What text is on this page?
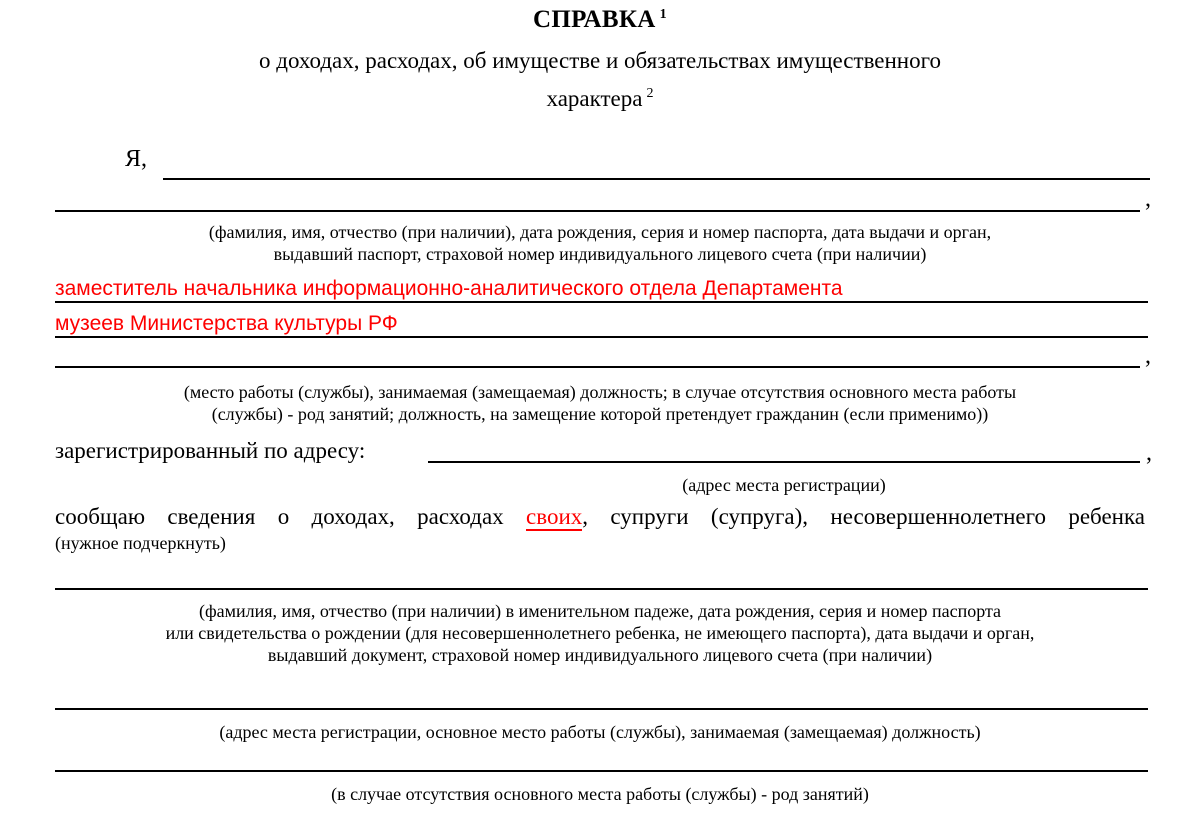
СПРАВКА $^1$
о доходах, расходах, об имуществе и обязательствах имущественного
характера $^2$
Я,
,
(фамилия, имя, отчество (при наличии), дата рождения, серия и номер паспорта, дата выдачи и орган,
выдавший паспорт, страховой номер индивидуального лицевого счета (при наличии)
заместитель начальника информационно-аналитического отдела Департамента
музеев Министерства культуры РФ
,
(место работы (службы), занимаемая (замещаемая) должность; в случае отсутствия основного места работы
(службы) - род занятий; должность, на замещение которой претендует гражданин (если применимо))
зарегистрированный по адресу:	,
(адрес места регистрации)
сообщаю сведения о доходах, расходах своих, супруги (супруга), несовершеннолетнего ребенка
(нужное подчеркнуть)
(фамилия, имя, отчество (при наличии) в именительном падеже, дата рождения, серия и номер паспорта
или свидетельства о рождении (для несовершеннолетнего ребенка, не имеющего паспорта), дата выдачи и орган,
выдавший документ, страховой номер индивидуального лицевого счета (при наличии)
(адрес места регистрации, основное место работы (службы), занимаемая (замещаемая) должность)
(в случае отсутствия основного места работы (службы) - род занятий)
